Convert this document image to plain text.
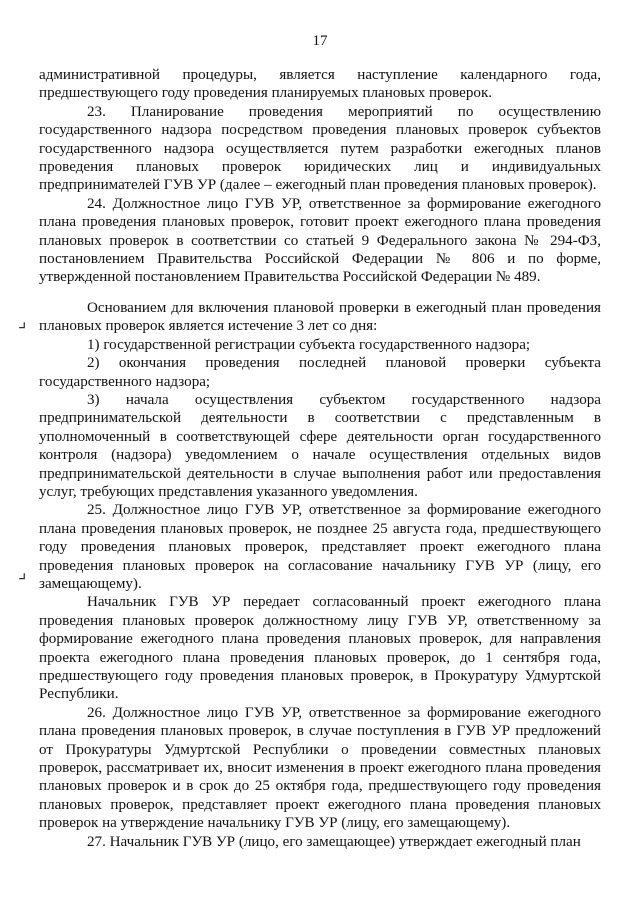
17
⌟
⌟

административной процедуры, является наступление календарного года, предшествующего году проведения планируемых плановых проверок.

23. Планирование проведения мероприятий по осуществлению государственного надзора посредством проведения плановых проверок субъектов государственного надзора осуществляется путем разработки ежегодных планов проведения плановых проверок юридических лиц и индивидуальных предпринимателей ГУВ УР (далее – ежегодный план проведения плановых проверок).

24. Должностное лицо ГУВ УР, ответственное за формирование ежегодного плана проведения плановых проверок, готовит проект ежегодного плана проведения плановых проверок в соответствии со статьей 9 Федерального закона № 294-ФЗ, постановлением Правительства Российской Федерации № 806 и по форме, утвержденной постановлением Правительства Российской Федерации № 489.

Основанием для включения плановой проверки в ежегодный план проведения плановых проверок является истечение 3 лет со дня:

1) государственной регистрации субъекта государственного надзора;

2) окончания проведения последней плановой проверки субъекта государственного надзора;

3) начала осуществления субъектом государственного надзора предпринимательской деятельности в соответствии с представленным в уполномоченный в соответствующей сфере деятельности орган государственного контроля (надзора) уведомлением о начале осуществления отдельных видов предпринимательской деятельности в случае выполнения работ или предоставления услуг, требующих представления указанного уведомления.

25. Должностное лицо ГУВ УР, ответственное за формирование ежегодного плана проведения плановых проверок, не позднее 25 августа года, предшествующего году проведения плановых проверок, представляет проект ежегодного плана проведения плановых проверок на согласование начальнику ГУВ УР (лицу, его замещающему).

Начальник ГУВ УР передает согласованный проект ежегодного плана проведения плановых проверок должностному лицу ГУВ УР, ответственному за формирование ежегодного плана проведения плановых проверок, для направления проекта ежегодного плана проведения плановых проверок, до 1 сентября года, предшествующего году проведения плановых проверок, в Прокуратуру Удмуртской Республики.

26. Должностное лицо ГУВ УР, ответственное за формирование ежегодного плана проведения плановых проверок, в случае поступления в ГУВ УР предложений от Прокуратуры Удмуртской Республики о проведении совместных плановых проверок, рассматривает их, вносит изменения в проект ежегодного плана проведения плановых проверок и в срок до 25 октября года, предшествующего году проведения плановых проверок, представляет проект ежегодного плана проведения плановых проверок на утверждение начальнику ГУВ УР (лицу, его замещающему).

27. Начальник ГУВ УР (лицо, его замещающее) утверждает ежегодный план
